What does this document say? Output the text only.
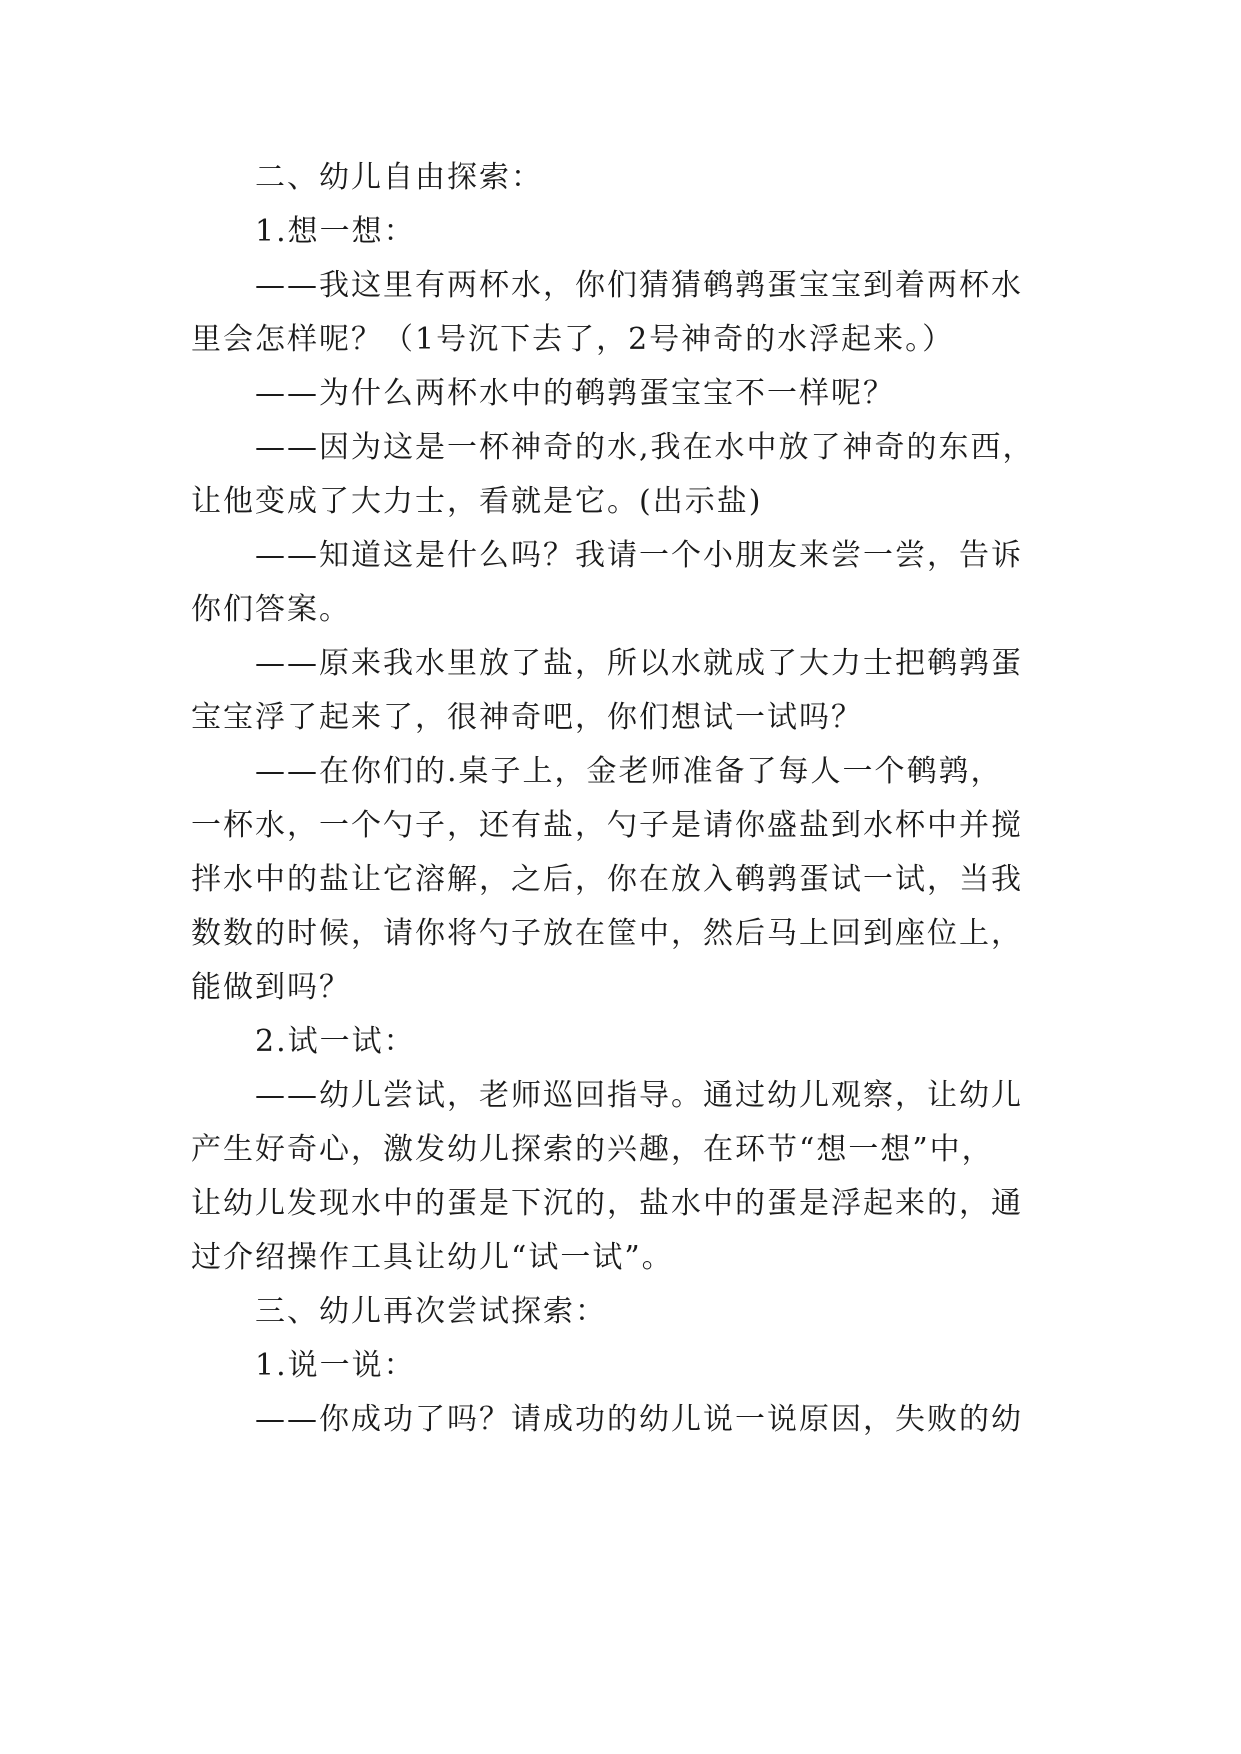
二、幼儿自由探索：
1.想一想：
——我这里有两杯水，你们猜猜鹌鹑蛋宝宝到着两杯水
里会怎样呢？（1号沉下去了，2号神奇的水浮起来。）
——为什么两杯水中的鹌鹑蛋宝宝不一样呢？
——因为这是一杯神奇的水,我在水中放了神奇的东西，
让他变成了大力士，看就是它。(出示盐)
——知道这是什么吗？我请一个小朋友来尝一尝，告诉
你们答案。
——原来我水里放了盐，所以水就成了大力士把鹌鹑蛋
宝宝浮了起来了，很神奇吧，你们想试一试吗？
——在你们的.桌子上，金老师准备了每人一个鹌鹑，
一杯水，一个勺子，还有盐，勺子是请你盛盐到水杯中并搅
拌水中的盐让它溶解，之后，你在放入鹌鹑蛋试一试，当我
数数的时候，请你将勺子放在筐中，然后马上回到座位上，
能做到吗？
2.试一试：
——幼儿尝试，老师巡回指导。通过幼儿观察，让幼儿
产生好奇心，激发幼儿探索的兴趣，在环节“想一想”中，
让幼儿发现水中的蛋是下沉的，盐水中的蛋是浮起来的，通
过介绍操作工具让幼儿“试一试”。
三、幼儿再次尝试探索：
1.说一说：
——你成功了吗？请成功的幼儿说一说原因，失败的幼
